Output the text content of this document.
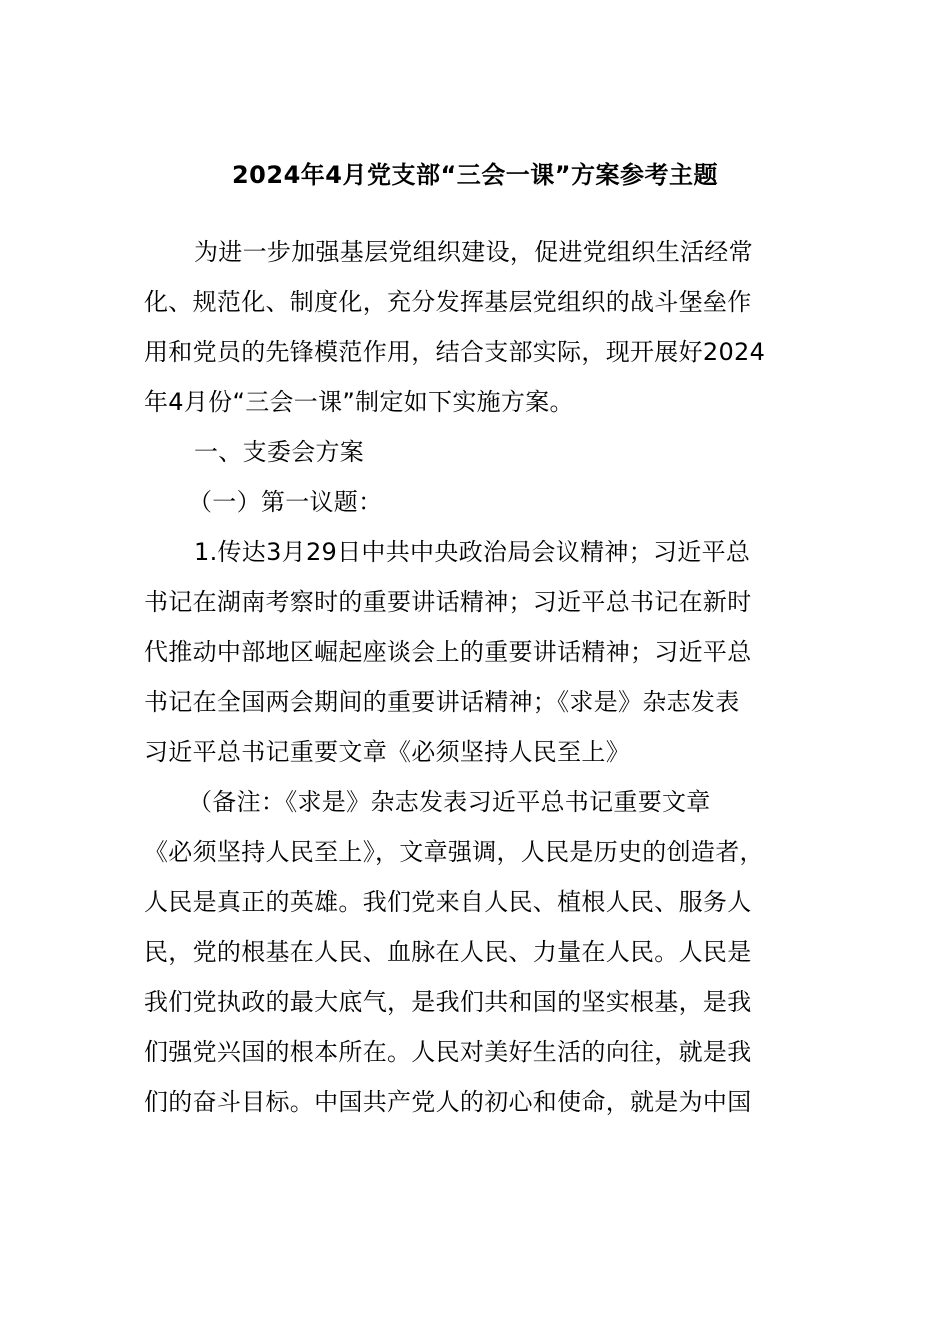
2024年4月党支部“三会一课”方案参考主题
为进一步加强基层党组织建设，促进党组织生活经常
化、规范化、制度化，充分发挥基层党组织的战斗堡垒作
用和党员的先锋模范作用，结合支部实际，现开展好2024
年4月份“三会一课”制定如下实施方案。
一、支委会方案
（一）第一议题：
1.传达3月29日中共中央政治局会议精神；习近平总
书记在湖南考察时的重要讲话精神；习近平总书记在新时
代推动中部地区崛起座谈会上的重要讲话精神；习近平总
书记在全国两会期间的重要讲话精神；《求是》杂志发表
习近平总书记重要文章《必须坚持人民至上》
（备注：《求是》杂志发表习近平总书记重要文章
《必须坚持人民至上》，文章强调，人民是历史的创造者，
人民是真正的英雄。我们党来自人民、植根人民、服务人
民，党的根基在人民、血脉在人民、力量在人民。人民是
我们党执政的最大底气，是我们共和国的坚实根基，是我
们强党兴国的根本所在。人民对美好生活的向往，就是我
们的奋斗目标。中国共产党人的初心和使命，就是为中国
